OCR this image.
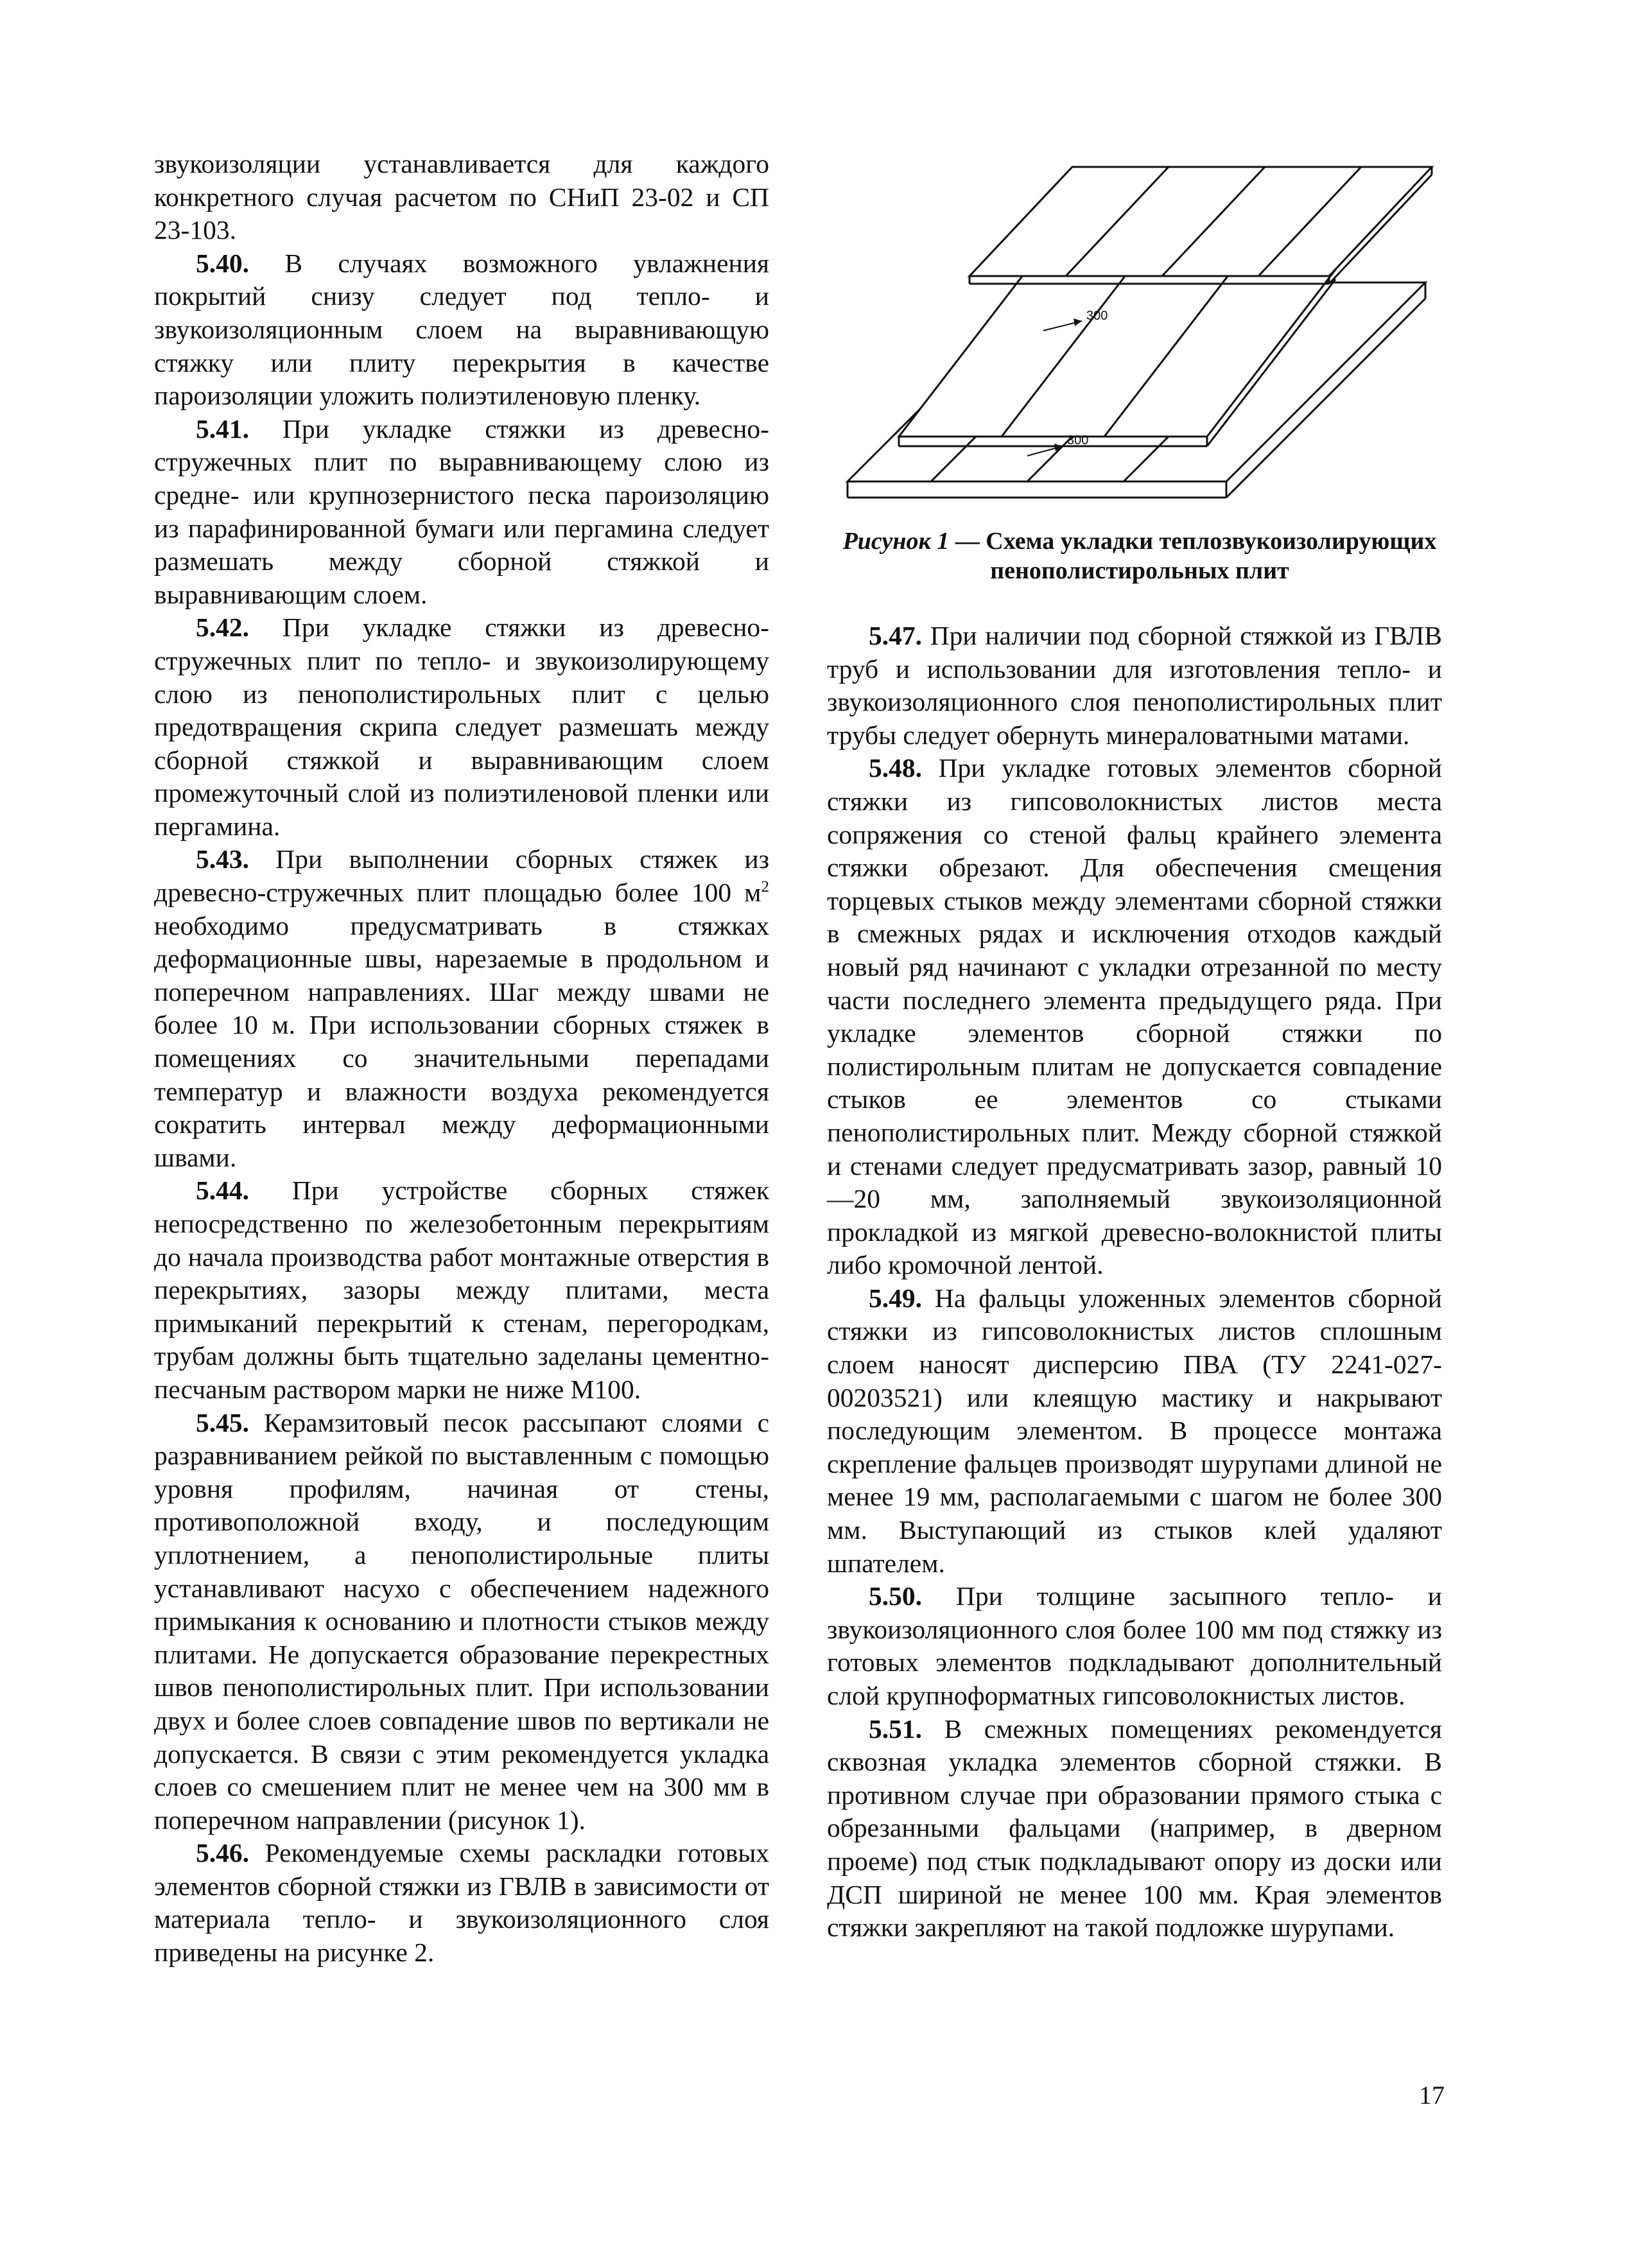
звукоизоляции устанавливается для каждого конкретного случая расчетом по СНиП 23-02 и СП 23-103.

5.40. В случаях возможного увлажнения покрытий снизу следует под тепло- и звукоизоляционным слоем на выравнивающую стяжку или плиту перекрытия в качестве пароизоляции уложить полиэтиленовую пленку.

5.41. При укладке стяжки из древесно-стружечных плит по выравнивающему слою из средне- или крупнозернистого песка пароизоляцию из парафинированной бумаги или пергамина следует размешать между сборной стяжкой и выравнивающим слоем.

5.42. При укладке стяжки из древесно-стружечных плит по тепло- и звукоизолирующему слою из пенополистирольных плит с целью предотвращения скрипа следует размешать между сборной стяжкой и выравнивающим слоем промежуточный слой из полиэтиленовой пленки или пергамина.

5.43. При выполнении сборных стяжек из древесно-стружечных плит площадью более 100 $м^2$ необходимо предусматривать в стяжках деформационные швы, нарезаемые в продольном и поперечном направлениях. Шаг между швами не более 10 м. При использовании сборных стяжек в помещениях со значительными перепадами температур и влажности воздуха рекомендуется сократить интервал между деформационными швами.

5.44. При устройстве сборных стяжек непосредственно по железобетонным перекрытиям до начала производства работ монтажные отверстия в перекрытиях, зазоры между плитами, места примыканий перекрытий к стенам, перегородкам, трубам должны быть тщательно заделаны цементно-песчаным раствором марки не ниже М100.

5.45. Керамзитовый песок рассыпают слоями с разравниванием рейкой по выставленным с помощью уровня профилям, начиная от стены, противоположной входу, и последующим уплотнением, а пенополистирольные плиты устанавливают насухо с обеспечением надежного примыкания к основанию и плотности стыков между плитами. Не допускается образование перекрестных швов пенополистирольных плит. При использовании двух и более слоев совпадение швов по вертикали не допускается. В связи с этим рекомендуется укладка слоев со смешением плит не менее чем на 300 мм в поперечном направлении (рисунок 1).

5.46. Рекомендуемые схемы раскладки готовых элементов сборной стяжки из ГВЛВ в зависимости от материала тепло- и звукоизоляционного слоя приведены на рисунке 2.

300
300
Рисунок 1 — Схема укладки теплозвукоизолирующих пенополистирольных плит

5.47. При наличии под сборной стяжкой из ГВЛВ труб и использовании для изготовления тепло- и звукоизоляционного слоя пенополистирольных плит трубы следует обернуть минераловатными матами.

5.48. При укладке готовых элементов сборной стяжки из гипсоволокнистых листов места сопряжения со стеной фальц крайнего элемента стяжки обрезают. Для обеспечения смещения торцевых стыков между элементами сборной стяжки в смежных рядах и исключения отходов каждый новый ряд начинают с укладки отрезанной по месту части последнего элемента предыдущего ряда. При укладке элементов сборной стяжки по полистирольным плитам не допускается совпадение стыков ее элементов со стыками пенополистирольных плит. Между сборной стяжкой и стенами следует предусматривать зазор, равный 10—20 мм, заполняемый звукоизоляционной прокладкой из мягкой древесно-волокнистой плиты либо кромочной лентой.

5.49. На фальцы уложенных элементов сборной стяжки из гипсоволокнистых листов сплошным слоем наносят дисперсию ПВА (ТУ 2241-027-00203521) или клеящую мастику и накрывают последующим элементом. В процессе монтажа скрепление фальцев производят шурупами длиной не менее 19 мм, располагаемыми с шагом не более 300 мм. Выступающий из стыков клей удаляют шпателем.

5.50. При толщине засыпного тепло- и звукоизоляционного слоя более 100 мм под стяжку из готовых элементов подкладывают дополнительный слой крупноформатных гипсоволокнистых листов.

5.51. В смежных помещениях рекомендуется сквозная укладка элементов сборной стяжки. В противном случае при образовании прямого стыка с обрезанными фальцами (например, в дверном проеме) под стык подкладывают опору из доски или ДСП шириной не менее 100 мм. Края элементов стяжки закрепляют на такой подложке шурупами.

17
